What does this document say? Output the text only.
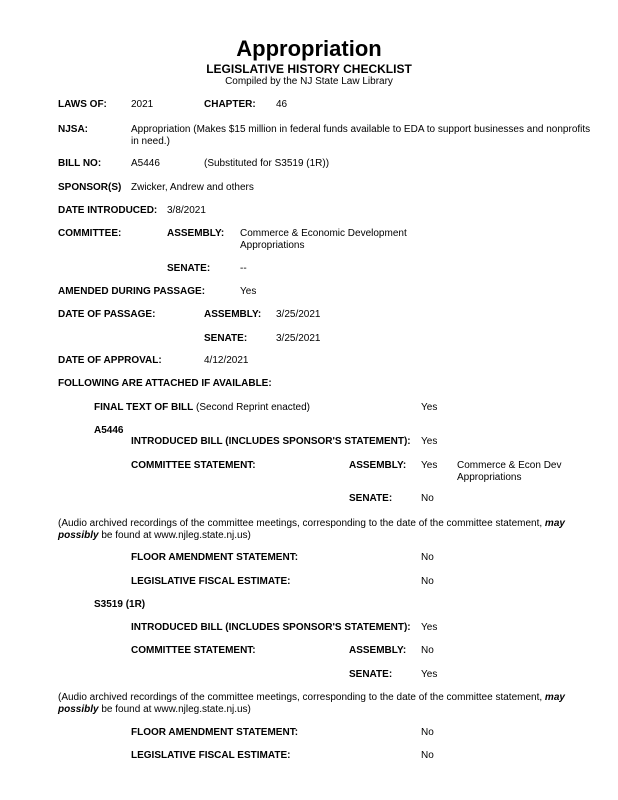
Appropriation
LEGISLATIVE HISTORY CHECKLIST
Compiled by the NJ State Law Library
LAWS OF: 2021	CHAPTER: 46
NJSA:	Appropriation (Makes $15 million in federal funds available to EDA to support businesses and nonprofits in need.)
BILL NO:	A5446	(Substituted for S3519 (1R))
SPONSOR(S) Zwicker, Andrew and others
DATE INTRODUCED: 3/8/2021
COMMITTEE:	ASSEMBLY: Commerce & Economic Development Appropriations
SENATE:	--
AMENDED DURING PASSAGE:	Yes
DATE OF PASSAGE:	ASSEMBLY: 3/25/2021
SENATE:	3/25/2021
DATE OF APPROVAL:	4/12/2021
FOLLOWING ARE ATTACHED IF AVAILABLE:
FINAL TEXT OF BILL (Second Reprint enacted)	Yes
A5446
INTRODUCED BILL (INCLUDES SPONSOR'S STATEMENT): Yes
COMMITTEE STATEMENT:	ASSEMBLY: Yes Commerce & Econ Dev Appropriations
SENATE:	No
(Audio archived recordings of the committee meetings, corresponding to the date of the committee statement, may possibly be found at www.njleg.state.nj.us)
FLOOR AMENDMENT STATEMENT:	No
LEGISLATIVE FISCAL ESTIMATE:	No
S3519 (1R)
INTRODUCED BILL (INCLUDES SPONSOR'S STATEMENT): Yes
COMMITTEE STATEMENT:	ASSEMBLY: No
SENATE:	Yes
(Audio archived recordings of the committee meetings, corresponding to the date of the committee statement, may possibly be found at www.njleg.state.nj.us)
FLOOR AMENDMENT STATEMENT:	No
LEGISLATIVE FISCAL ESTIMATE:	No
